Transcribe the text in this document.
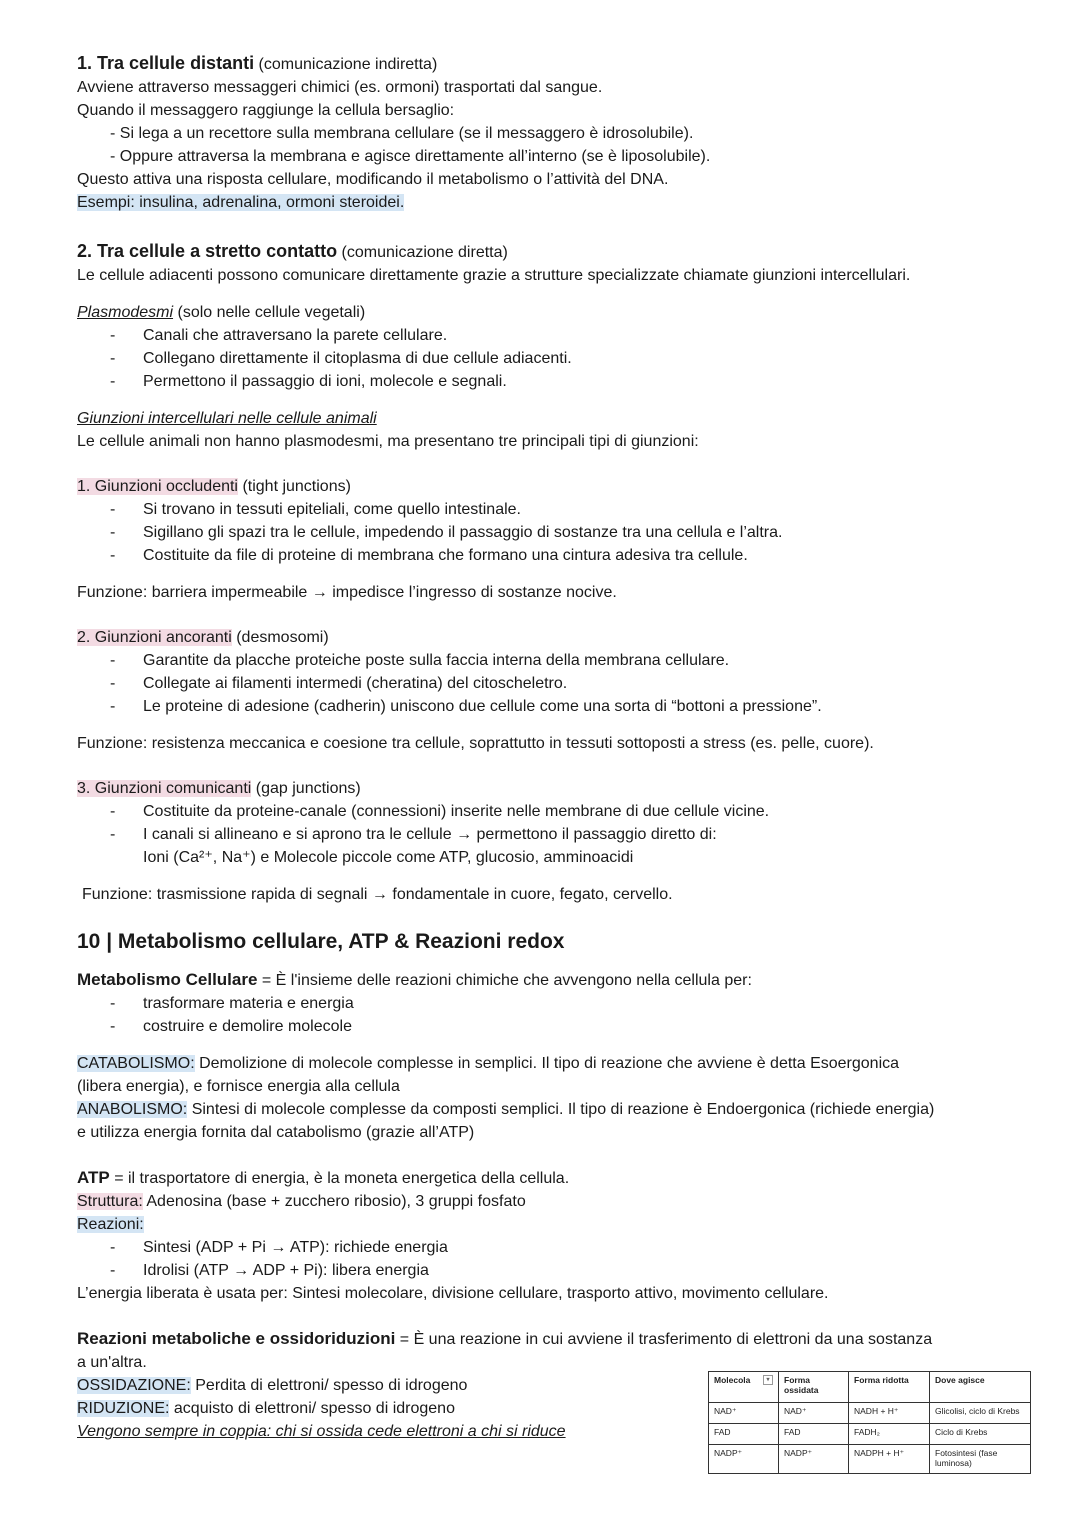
1. Tra cellule distanti (comunicazione indiretta)

Avviene attraverso messaggeri chimici (es. ormoni) trasportati dal sangue.

Quando il messaggero raggiunge la cellula bersaglio:

- Si lega a un recettore sulla membrana cellulare (se il messaggero è idrosolubile).

- Oppure attraversa la membrana e agisce direttamente all’interno (se è liposolubile).

Questo attiva una risposta cellulare, modificando il metabolismo o l’attività del DNA.

Esempi: insulina, adrenalina, ormoni steroidei.

2. Tra cellule a stretto contatto (comunicazione diretta)

Le cellule adiacenti possono comunicare direttamente grazie a strutture specializzate chiamate giunzioni intercellulari.

Plasmodesmi (solo nelle cellule vegetali)

- Canali che attraversano la parete cellulare.
- Collegano direttamente il citoplasma di due cellule adiacenti.
- Permettono il passaggio di ioni, molecole e segnali.

Giunzioni intercellulari nelle cellule animali

Le cellule animali non hanno plasmodesmi, ma presentano tre principali tipi di giunzioni:

1. Giunzioni occludenti (tight junctions)

- Si trovano in tessuti epiteliali, come quello intestinale.
- Sigillano gli spazi tra le cellule, impedendo il passaggio di sostanze tra una cellula e l’altra.
- Costituite da file di proteine di membrana che formano una cintura adesiva tra cellule.

Funzione: barriera impermeabile → impedisce l’ingresso di sostanze nocive.

2. Giunzioni ancoranti (desmosomi)

- Garantite da placche proteiche poste sulla faccia interna della membrana cellulare.
- Collegate ai filamenti intermedi (cheratina) del citoscheletro.
- Le proteine di adesione (cadherin) uniscono due cellule come una sorta di “bottoni a pressione”.

Funzione: resistenza meccanica e coesione tra cellule, soprattutto in tessuti sottoposti a stress (es. pelle, cuore).

3. Giunzioni comunicanti (gap junctions)

- Costituite da proteine-canale (connessioni) inserite nelle membrane di due cellule vicine.
- I canali si allineano e si aprono tra le cellule → permettono il passaggio diretto di:

Ioni (Ca²⁺, Na⁺) e Molecole piccole come ATP, glucosio, amminoacidi

Funzione: trasmissione rapida di segnali → fondamentale in cuore, fegato, cervello.

10 | Metabolismo cellulare, ATP & Reazioni redox

Metabolismo Cellulare = È l'insieme delle reazioni chimiche che avvengono nella cellula per:

- trasformare materia e energia
- costruire e demolire molecole

CATABOLISMO: Demolizione di molecole complesse in semplici. Il tipo di reazione che avviene è detta Esoergonica

(libera energia), e fornisce energia alla cellula

ANABOLISMO: Sintesi di molecole complesse da composti semplici. Il tipo di reazione è Endoergonica (richiede energia)

e utilizza energia fornita dal catabolismo (grazie all’ATP)

ATP = il trasportatore di energia, è la moneta energetica della cellula.

Struttura: Adenosina (base + zucchero ribosio), 3 gruppi fosfato

Reazioni:

- Sintesi (ADP + Pi → ATP): richiede energia
- Idrolisi (ATP → ADP + Pi): libera energia

L’energia liberata è usata per: Sintesi molecolare, divisione cellulare, trasporto attivo, movimento cellulare.

Reazioni metaboliche e ossidoriduzioni = È una reazione in cui avviene il trasferimento di elettroni da una sostanza

a un'altra.

OSSIDAZIONE: Perdita di elettroni/ spesso di idrogeno

RIDUZIONE: acquisto di elettroni/ spesso di idrogeno

Vengono sempre in coppia: chi si ossida cede elettroni a chi si riduce

Molecola ▾	Forma ossidata	Forma ridotta	Dove agisce
NAD⁺	NAD⁺	NADH + H⁺	Glicolisi, ciclo di Krebs
FAD	FAD	FADH₂	Ciclo di Krebs
NADP⁺	NADP⁺	NADPH + H⁺	Fotosintesi (fase luminosa)
